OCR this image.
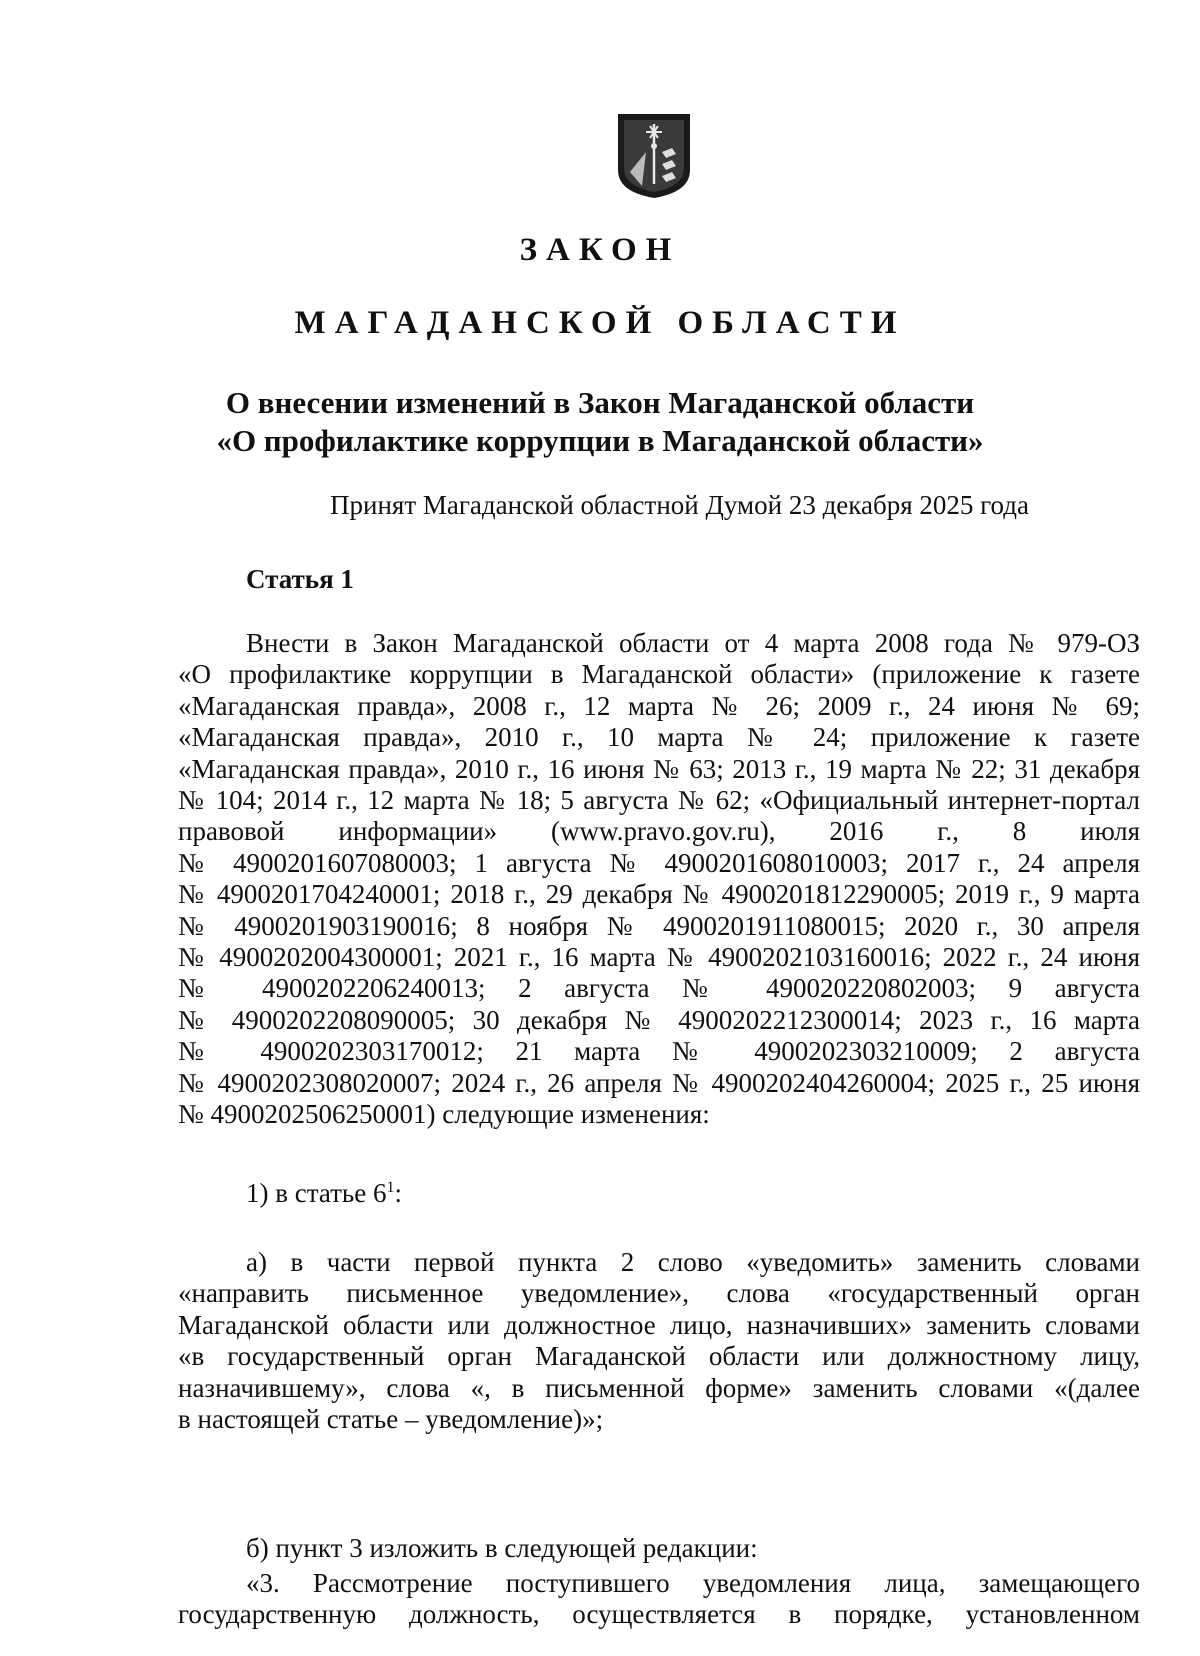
ЗАКОН
МАГАДАНСКОЙ ОБЛАСТИ
О внесении изменений в Закон Магаданской области
«О профилактике коррупции в Магаданской области»
Принят Магаданской областной Думой 23 декабря 2025 года
Статья 1

Внести в Закон Магаданской области от 4 марта 2008 года № 979-ОЗ
«О профилактике коррупции в Магаданской области» (приложение к газете
«Магаданская правда», 2008 г., 12 марта № 26; 2009 г., 24 июня № 69;
«Магаданская правда», 2010 г., 10 марта № 24; приложение к газете
«Магаданская правда», 2010 г., 16 июня № 63; 2013 г., 19 марта № 22; 31 декабря
№ 104; 2014 г., 12 марта № 18; 5 августа № 62; «Официальный интернет-портал
правовой информации» (www.pravo.gov.ru), 2016 г., 8 июля
№ 4900201607080003; 1 августа № 4900201608010003; 2017 г., 24 апреля
№ 4900201704240001; 2018 г., 29 декабря № 4900201812290005; 2019 г., 9 марта
№ 4900201903190016; 8 ноября № 4900201911080015; 2020 г., 30 апреля
№ 4900202004300001; 2021 г., 16 марта № 4900202103160016; 2022 г., 24 июня
№ 4900202206240013; 2 августа № 490020220802003; 9 августа
№ 4900202208090005; 30 декабря № 4900202212300014; 2023 г., 16 марта
№ 4900202303170012; 21 марта № 4900202303210009; 2 августа
№ 4900202308020007; 2024 г., 26 апреля № 4900202404260004; 2025 г., 25 июня
№ 4900202506250001) следующие изменения:

1) в статье $6^1$:

а) в части первой пункта 2 слово «уведомить» заменить словами
«направить письменное уведомление», слова «государственный орган
Магаданской области или должностное лицо, назначивших» заменить словами
«в государственный орган Магаданской области или должностному лицу,
назначившему», слова «, в письменной форме» заменить словами «(далее
в настоящей статье – уведомление)»;

б) пункт 3 изложить в следующей редакции:

«3. Рассмотрение поступившего уведомления лица, замещающего
государственную должность, осуществляется в порядке, установленном
